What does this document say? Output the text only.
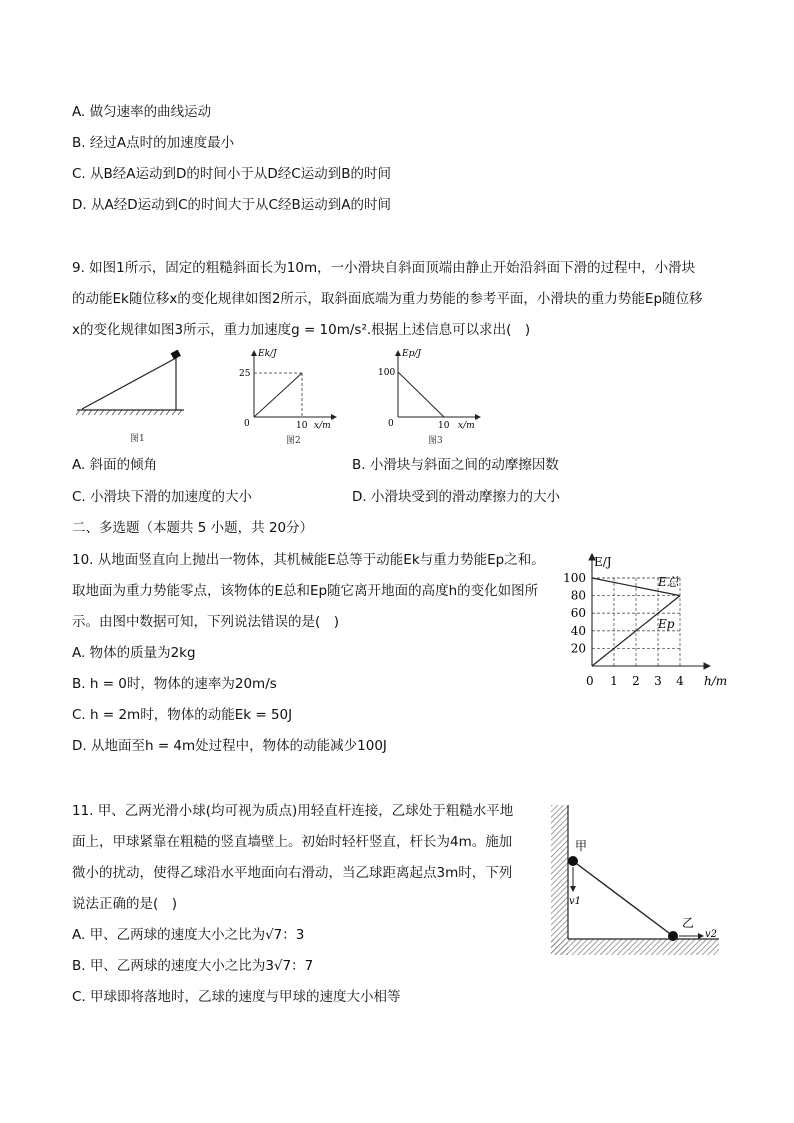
A. 做匀速率的曲线运动
B. 经过A点时的加速度最小
C. 从B经A运动到D的时间小于从D经C运动到B的时间
D. 从A经D运动到C的时间大于从C经B运动到A的时间
9. 如图1所示，固定的粗糙斜面长为10m，一小滑块自斜面顶端由静止开始沿斜面下滑的过程中，小滑块
的动能Ek随位移x的变化规律如图2所示，取斜面底端为重力势能的参考平面，小滑块的重力势能Ep随位移
x的变化规律如图3所示，重力加速度g = 10m/s².根据上述信息可以求出(　)
图1
Ek/J
25
0	10 x/m
图2
Ep/J
100
0	10 x/m
图3
A. 斜面的倾角	B. 小滑块与斜面之间的动摩擦因数
C. 小滑块下滑的加速度的大小	D. 小滑块受到的滑动摩擦力的大小
二、多选题（本题共 5 小题，共 20分）
10. 从地面竖直向上抛出一物体，其机械能E总等于动能Ek与重力势能Ep之和。
取地面为重力势能零点，该物体的E总和Ep随它离开地面的高度h的变化如图所
示。由图中数据可知，下列说法错误的是(　)
A. 物体的质量为2kg
B. h = 0时，物体的速率为20m/s
C. h = 2m时，物体的动能Ek = 50J
D. 从地面至h = 4m处过程中，物体的动能减少100J
20
40
60
80
100
1 2 3 4
E/J
h/m
0
E总
Ep
11. 甲、乙两光滑小球(均可视为质点)用轻直杆连接，乙球处于粗糙水平地
面上，甲球紧靠在粗糙的竖直墙壁上。初始时轻杆竖直，杆长为4m。施加
微小的扰动，使得乙球沿水平地面向右滑动，当乙球距离起点3m时，下列
说法正确的是(　)
A. 甲、乙两球的速度大小之比为√7：3
B. 甲、乙两球的速度大小之比为3√7：7
C. 甲球即将落地时，乙球的速度与甲球的速度大小相等
甲
乙
v1
v2
